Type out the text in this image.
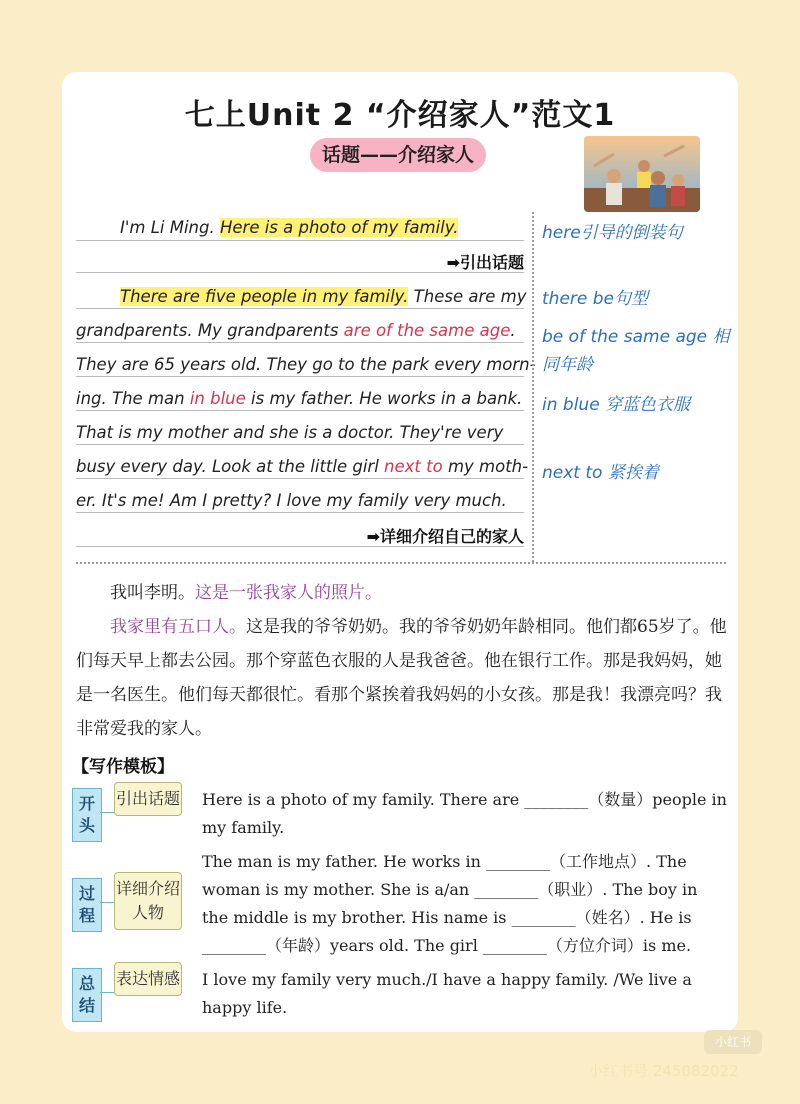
七上Unit 2 “介绍家人”范文1
话题——介绍家人
I'm Li Ming. Here is a photo of my family.
➡引出话题
There are five people in my family. These are my
grandparents. My grandparents are of the same age.
They are 65 years old. They go to the park every morn-
ing. The man in blue is my father. He works in a bank.
That is my mother and she is a doctor. They're very
busy every day. Look at the little girl next to my moth-
er. It's me! Am I pretty? I love my family very much.
➡详细介绍自己的家人
here引导的倒装句
there be句型
be of the same age 相
同年龄
in blue 穿蓝色衣服
next to 紧挨着
我叫李明。这是一张我家人的照片。
我家里有五口人。这是我的爷爷奶奶。我的爷爷奶奶年龄相同。他们都65岁了。他们每天早上都去公园。那个穿蓝色衣服的人是我爸爸。他在银行工作。那是我妈妈，她是一名医生。他们每天都很忙。看那个紧挨着我妈妈的小女孩。那是我！我漂亮吗？我非常爱我的家人。
【写作模板】
开头
引出话题 Here is a photo of my family. There are ________（数量）people in my family.
过程
详细介绍人物
The man is my father. He works in ________（工作地点）. The woman is my mother. She is a/an ________（职业）. The boy in the middle is my brother. His name is ________（姓名）. He is ________（年龄）years old. The girl ________（方位介词）is me.
总结
表达情感 I love my family very much./I have a happy family. /We live a happy life.
小红书
小红书号 245082022
